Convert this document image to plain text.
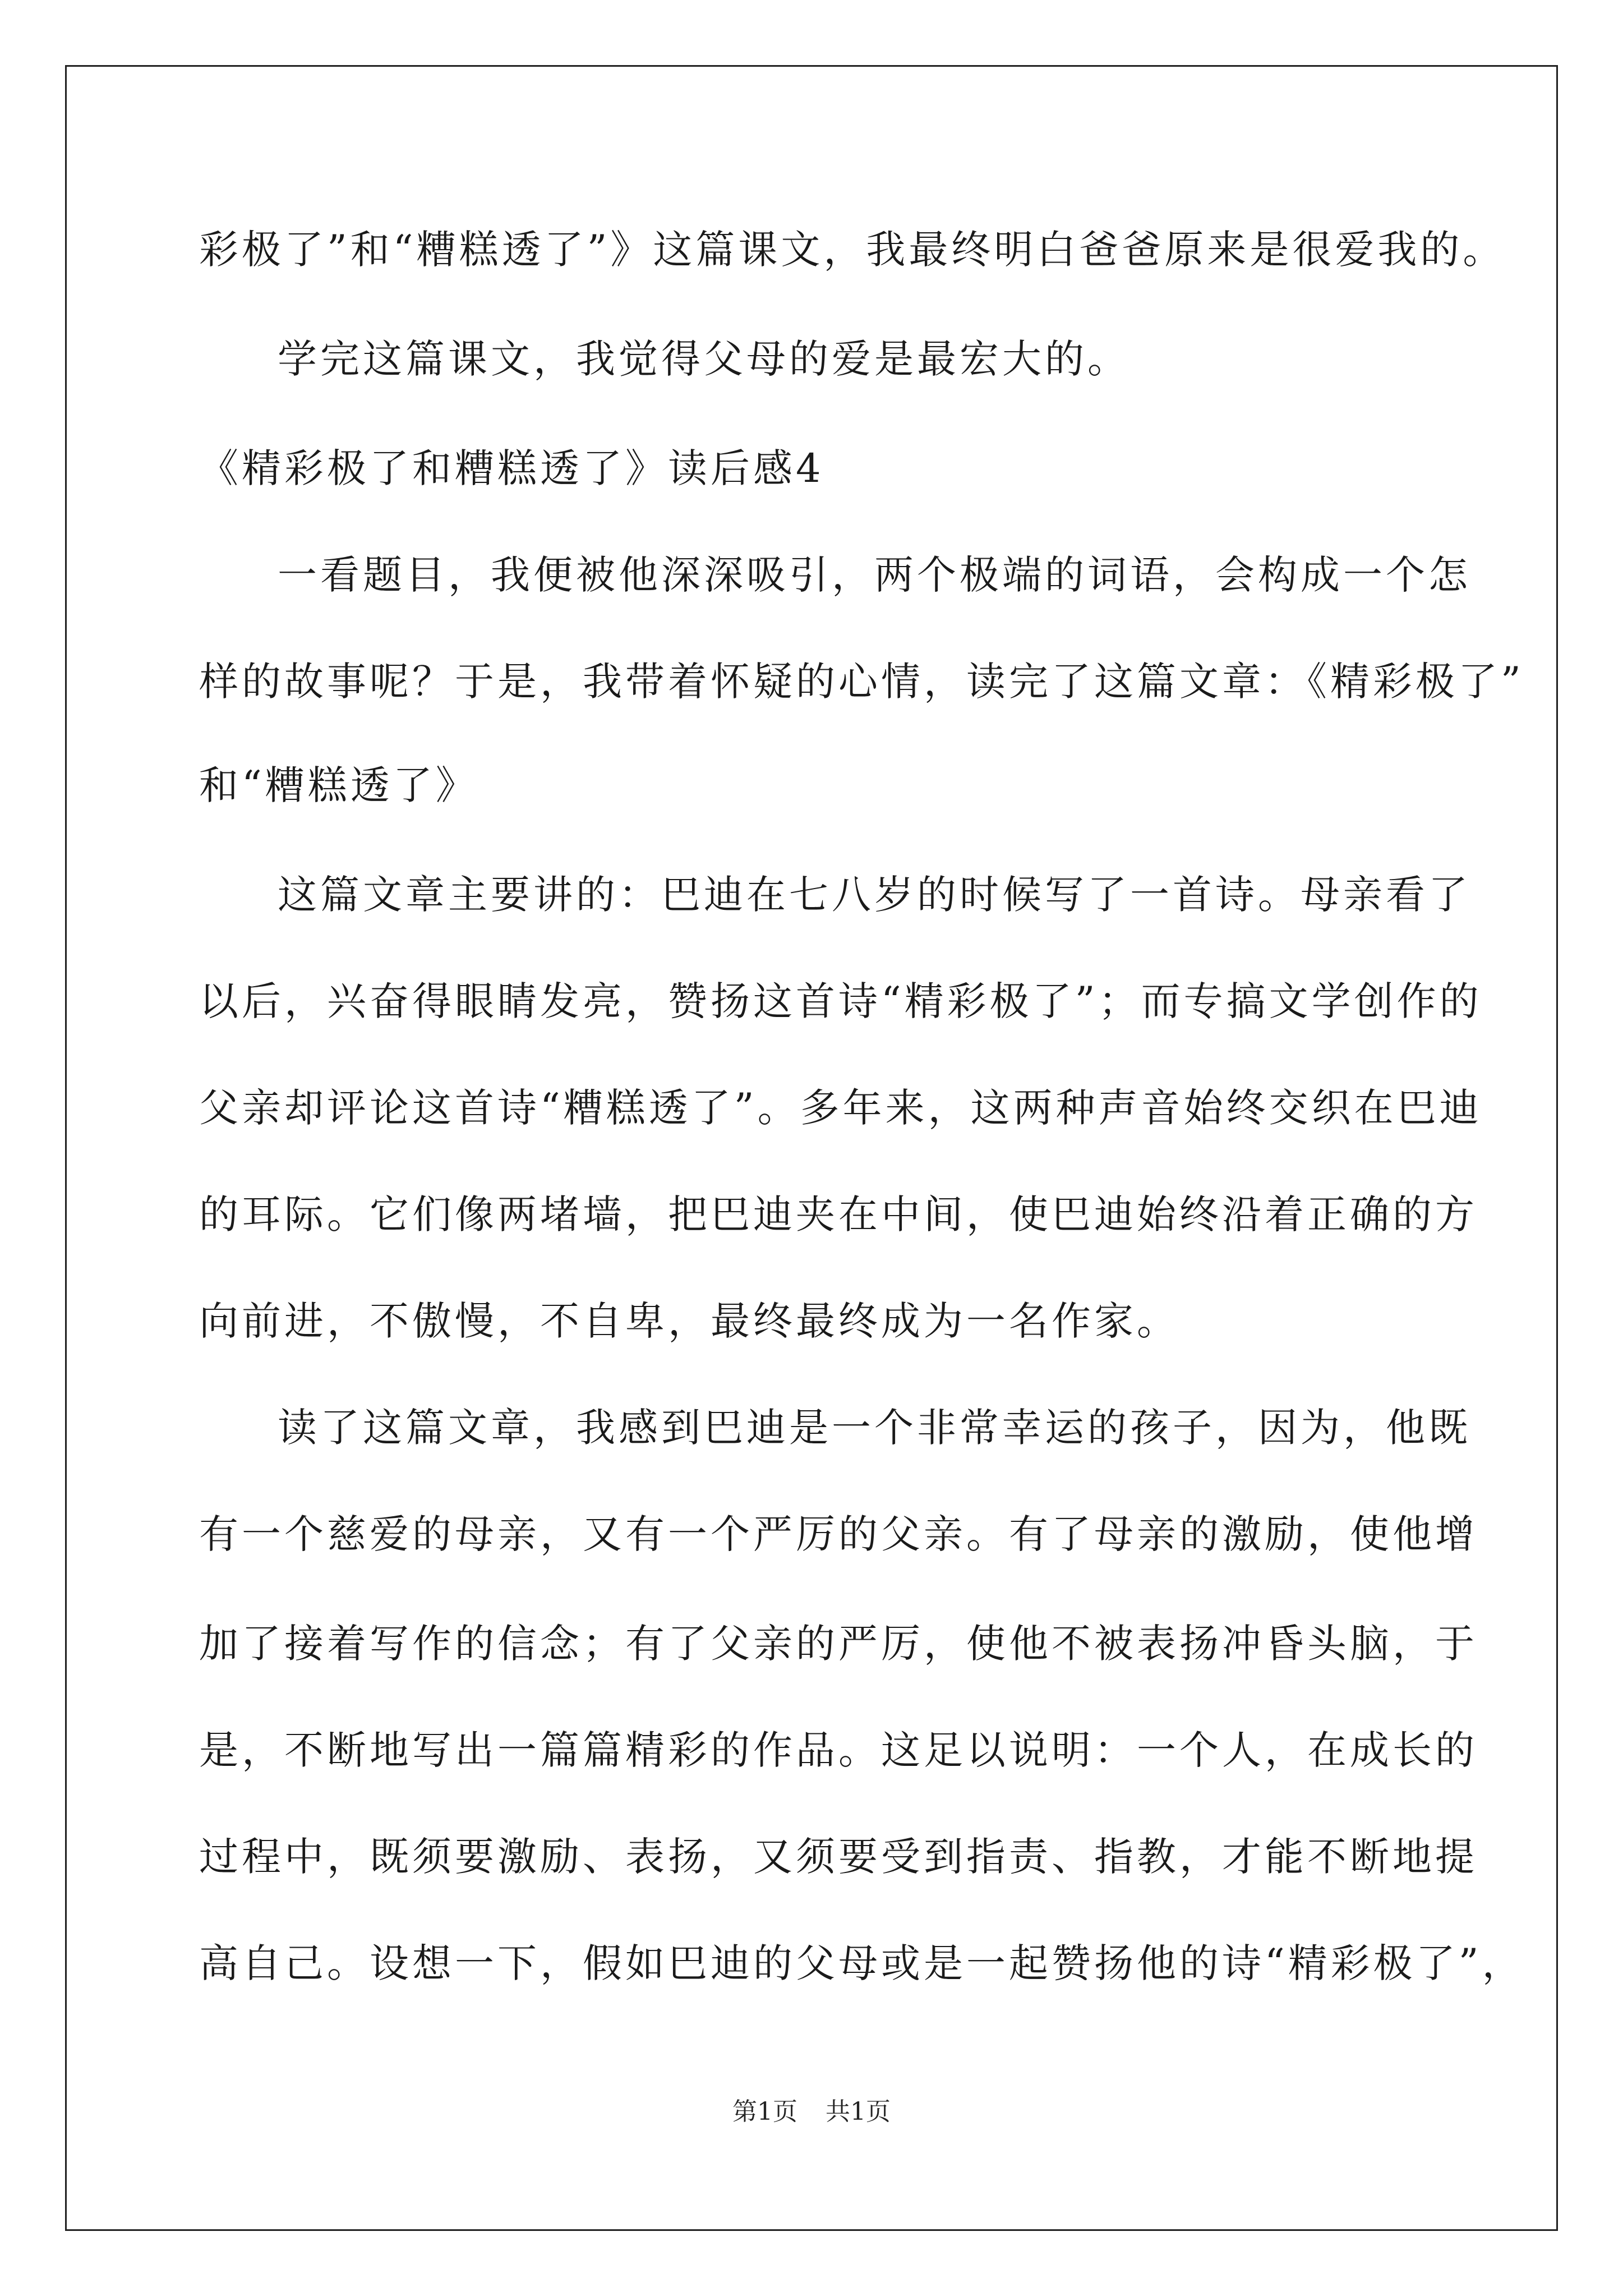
彩极了”和“糟糕透了”》这篇课文，我最终明白爸爸原来是很爱我的。
学完这篇课文，我觉得父母的爱是最宏大的。
《精彩极了和糟糕透了》读后感4
一看题目，我便被他深深吸引，两个极端的词语，会构成一个怎
样的故事呢？于是，我带着怀疑的心情，读完了这篇文章：《精彩极了”
和“糟糕透了》
这篇文章主要讲的：巴迪在七八岁的时候写了一首诗。母亲看了
以后，兴奋得眼睛发亮，赞扬这首诗“精彩极了”；而专搞文学创作的
父亲却评论这首诗“糟糕透了”。多年来，这两种声音始终交织在巴迪
的耳际。它们像两堵墙，把巴迪夹在中间，使巴迪始终沿着正确的方
向前进，不傲慢，不自卑，最终最终成为一名作家。
读了这篇文章，我感到巴迪是一个非常幸运的孩子，因为，他既
有一个慈爱的母亲，又有一个严厉的父亲。有了母亲的激励，使他增
加了接着写作的信念；有了父亲的严厉，使他不被表扬冲昏头脑，于
是，不断地写出一篇篇精彩的作品。这足以说明：一个人，在成长的
过程中，既须要激励、表扬，又须要受到指责、指教，才能不断地提
高自己。设想一下，假如巴迪的父母或是一起赞扬他的诗“精彩极了”，
第1页 共1页
